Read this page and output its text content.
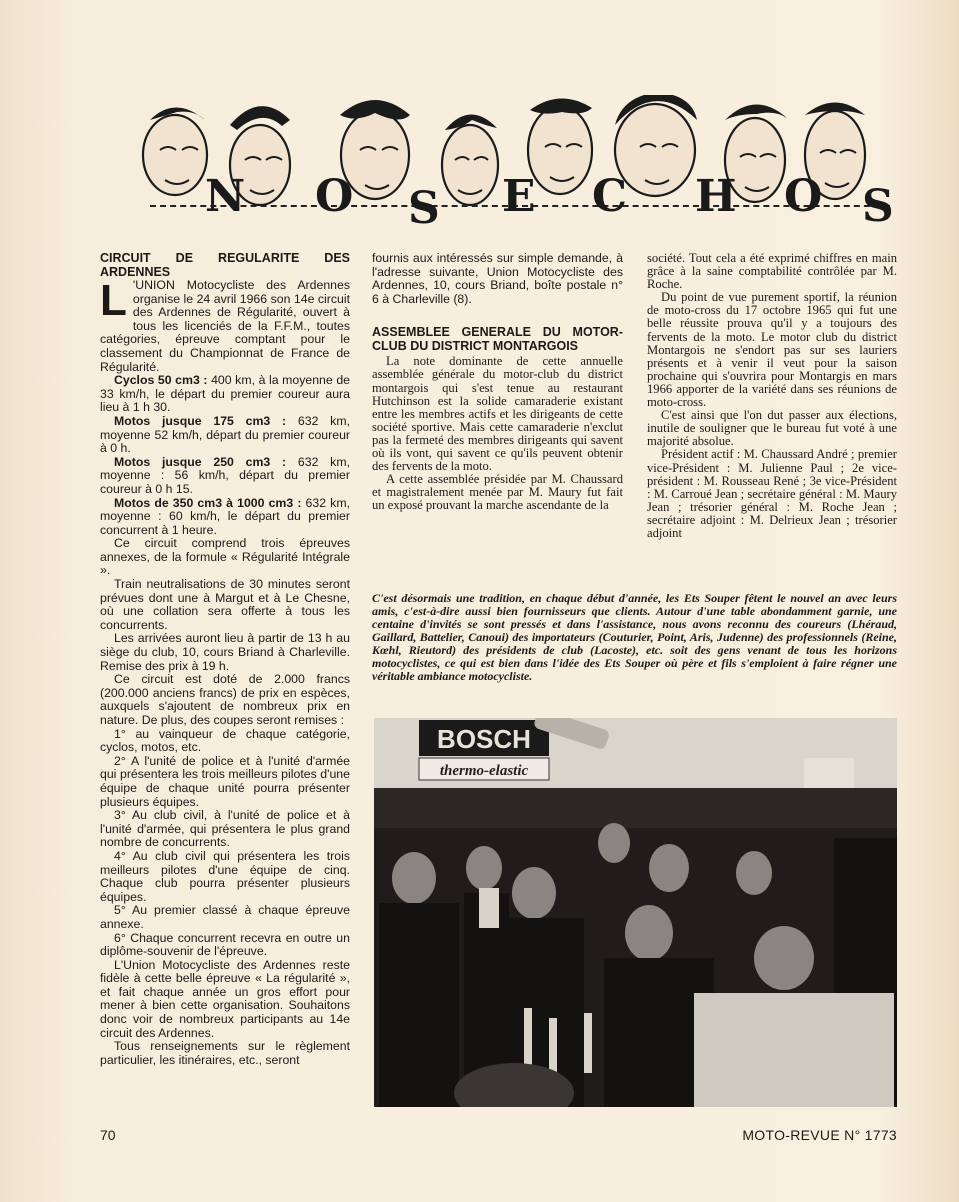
N O S E C H O S

CIRCUIT DE REGULARITE DES ARDENNES

L 'UNION Motocycliste des Ardennes organise le 24 avril 1966 son 14e circuit des Ardennes de Régularité, ouvert à tous les licenciés de la F.F.M., toutes catégories, épreuve comptant pour le classement du Championnat de France de Régularité.

Cyclos 50 cm3 : 400 km, à la moyenne de 33 km/h, le départ du premier coureur aura lieu à 1 h 30.

Motos jusque 175 cm3 : 632 km, moyenne 52 km/h, départ du premier coureur à 0 h.

Motos jusque 250 cm3 : 632 km, moyenne : 56 km/h, départ du premier coureur à 0 h 15.

Motos de 350 cm3 à 1000 cm3 : 632 km, moyenne : 60 km/h, le départ du premier concurrent à 1 heure.

Ce circuit comprend trois épreuves annexes, de la formule « Régularité Intégrale ».

Train neutralisations de 30 minutes seront prévues dont une à Margut et à Le Chesne, où une collation sera offerte à tous les concurrents.

Les arrivées auront lieu à partir de 13 h au siège du club, 10, cours Briand à Charleville. Remise des prix à 19 h.

Ce circuit est doté de 2.000 francs (200.000 anciens francs) de prix en espèces, auxquels s'ajoutent de nombreux prix en nature. De plus, des coupes seront remises :

1° au vainqueur de chaque catégorie, cyclos, motos, etc.

2° A l'unité de police et à l'unité d'armée qui présentera les trois meilleurs pilotes d'une équipe de chaque unité pourra présenter plusieurs équipes.

3° Au club civil, à l'unité de police et à l'unité d'armée, qui présentera le plus grand nombre de concurrents.

4° Au club civil qui présentera les trois meilleurs pilotes d'une équipe de cinq. Chaque club pourra présenter plusieurs équipes.

5° Au premier classé à chaque épreuve annexe.

6° Chaque concurrent recevra en outre un diplôme-souvenir de l'épreuve.

L'Union Motocycliste des Ardennes reste fidèle à cette belle épreuve « La régularité », et fait chaque année un gros effort pour mener à bien cette organisation. Souhaitons donc voir de nombreux participants au 14e circuit des Ardennes.

Tous renseignements sur le règlement particulier, les itinéraires, etc., seront

fournis aux intéressés sur simple demande, à l'adresse suivante, Union Motocycliste des Ardennes, 10, cours Briand, boîte postale n° 6 à Charleville (8).

ASSEMBLEE GENERALE DU MOTOR-CLUB DU DISTRICT MONTARGOIS

La note dominante de cette annuelle assemblée générale du motor-club du district montargois qui s'est tenue au restaurant Hutchinson est la solide camaraderie existant entre les membres actifs et les dirigeants de cette société sportive. Mais cette camaraderie n'exclut pas la fermeté des membres dirigeants qui savent où ils vont, qui savent ce qu'ils peuvent obtenir des fervents de la moto.

A cette assemblée présidée par M. Chaussard et magistralement menée par M. Maury fut fait un exposé prouvant la marche ascendante de la

société. Tout cela a été exprimé chiffres en main grâce à la saine comptabilité contrôlée par M. Roche.

Du point de vue purement sportif, la réunion de moto-cross du 17 octobre 1965 qui fut une belle réussite prouva qu'il y a toujours des fervents de la moto. Le motor club du district Montargois ne s'endort pas sur ses lauriers présents et à venir il veut pour la saison prochaine qui s'ouvrira pour Montargis en mars 1966 apporter de la variété dans ses réunions de moto-cross.

C'est ainsi que l'on dut passer aux élections, inutile de souligner que le bureau fut voté à une majorité absolue.

Président actif : M. Chaussard André ; premier vice-Président : M. Julienne Paul ; 2e vice-président : M. Rousseau René ; 3e vice-Président : M. Carroué Jean ; secrétaire général : M. Maury Jean ; trésorier général : M. Roche Jean ; secrétaire adjoint : M. Delrieux Jean ; trésorier adjoint

C'est désormais une tradition, en chaque début d'année, les Ets Souper fêtent le nouvel an avec leurs amis, c'est-à-dire aussi bien fournisseurs que clients. Autour d'une table abondamment garnie, une centaine d'invités se sont pressés et dans l'assistance, nous avons reconnu des coureurs (Lhéraud, Gaillard, Battelier, Canoui) des importateurs (Couturier, Point, Aris, Judenne) des professionnels (Reine, Kœhl, Rieutord) des présidents de club (Lacoste), etc. soit des gens venant de tous les horizons motocyclistes, ce qui est bien dans l'idée des Ets Souper où père et fils s'emploient à faire régner une véritable ambiance motocycliste.
BOSCH
thermo-elastic
70	MOTO-REVUE N° 1773
